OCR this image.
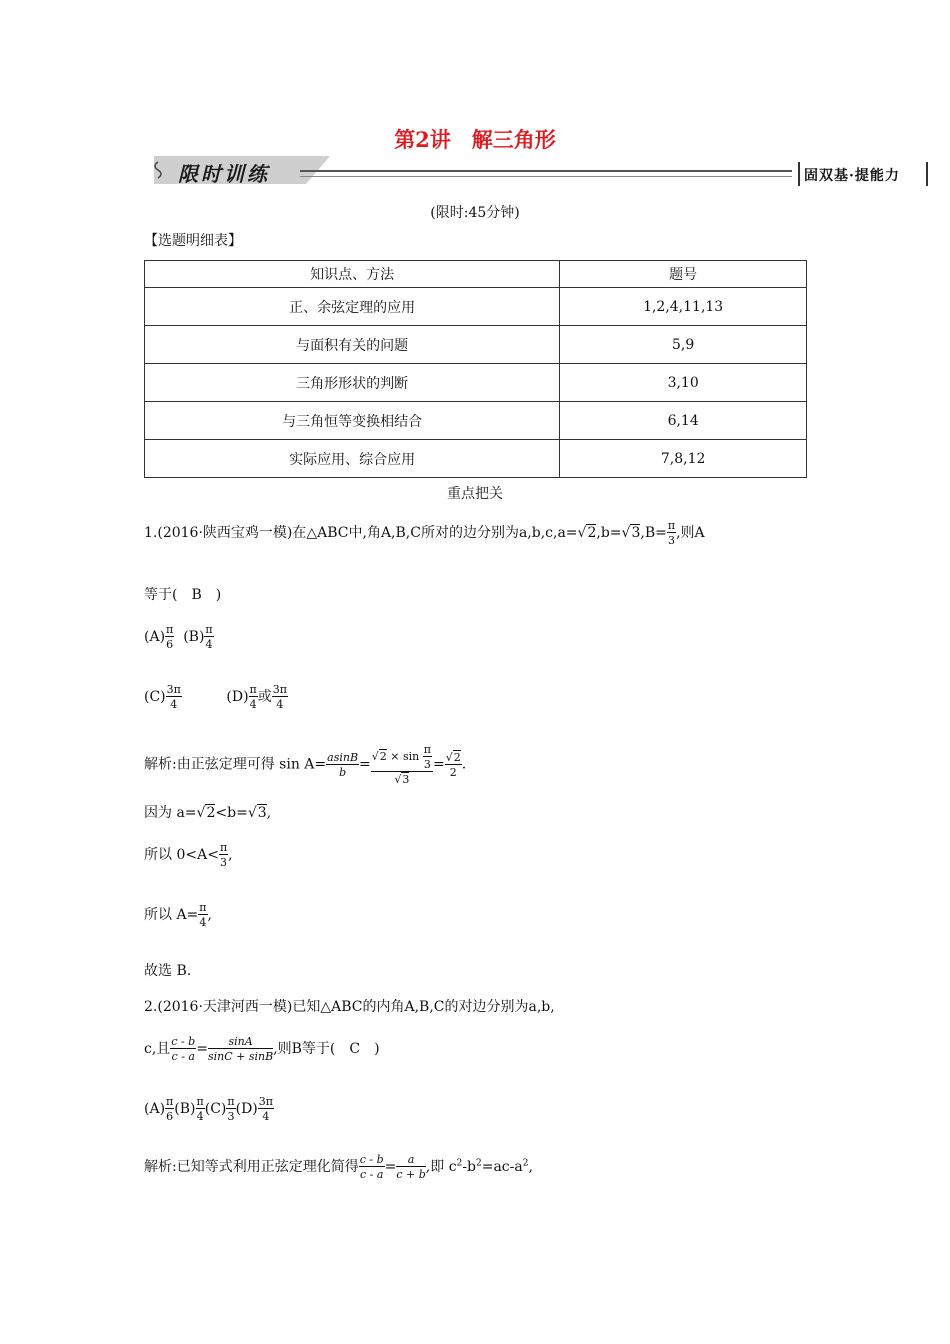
第2讲　解三角形
限时训练	固双基·提能力
(限时:45分钟)
【选题明细表】
知识点、方法	题号
正、余弦定理的应用	1,2,4,11,13
与面积有关的问题	5,9
三角形形状的判断	3,10
与三角恒等变换相结合	6,14
实际应用、综合应用	7,8,12
重点把关
1.(2016·陕西宝鸡一模)在△ABC中,角A,B,C所对的边分别为$a,b,c,a=√2,b=√3,B= \frac{\pi}{3}$ ,则A
等于(　B　)
$(A) \frac{\pi}{6} (B) \frac{\pi}{4}$
$(C) \frac{3\pi}{4}$	$(D) \frac{\pi}{4}$ 或 $\frac{3\pi}{4}$
解析:由正弦定理可得 $\sin A= \frac{asinB}{b} = \frac{√2 \times \sin \frac{\pi}{3}}{√3} = \frac{√2}{2}$ .
因为 a=√2<b=√3,
所以 $0<A< \frac{\pi}{3}$ ,
所以 $A= \frac{\pi}{4}$ ,
故选 B.
2.(2016·天津河西一模)已知△ABC的内角A,B,C的对边分别为a,b,
c,且 $\frac{c - b}{c - a} = \frac{\sin A}{\sin C + \sin B}$ ,则B等于(　C　)
$(A) \frac{\pi}{6} (B) \frac{\pi}{4} (C) \frac{\pi}{3} (D) \frac{3\pi}{4}$
解析:已知等式利用正弦定理化简得 $\frac{c - b}{c - a} = \frac{a}{c + b}$ ,即 $c^2-b^2=ac-a^2$,
